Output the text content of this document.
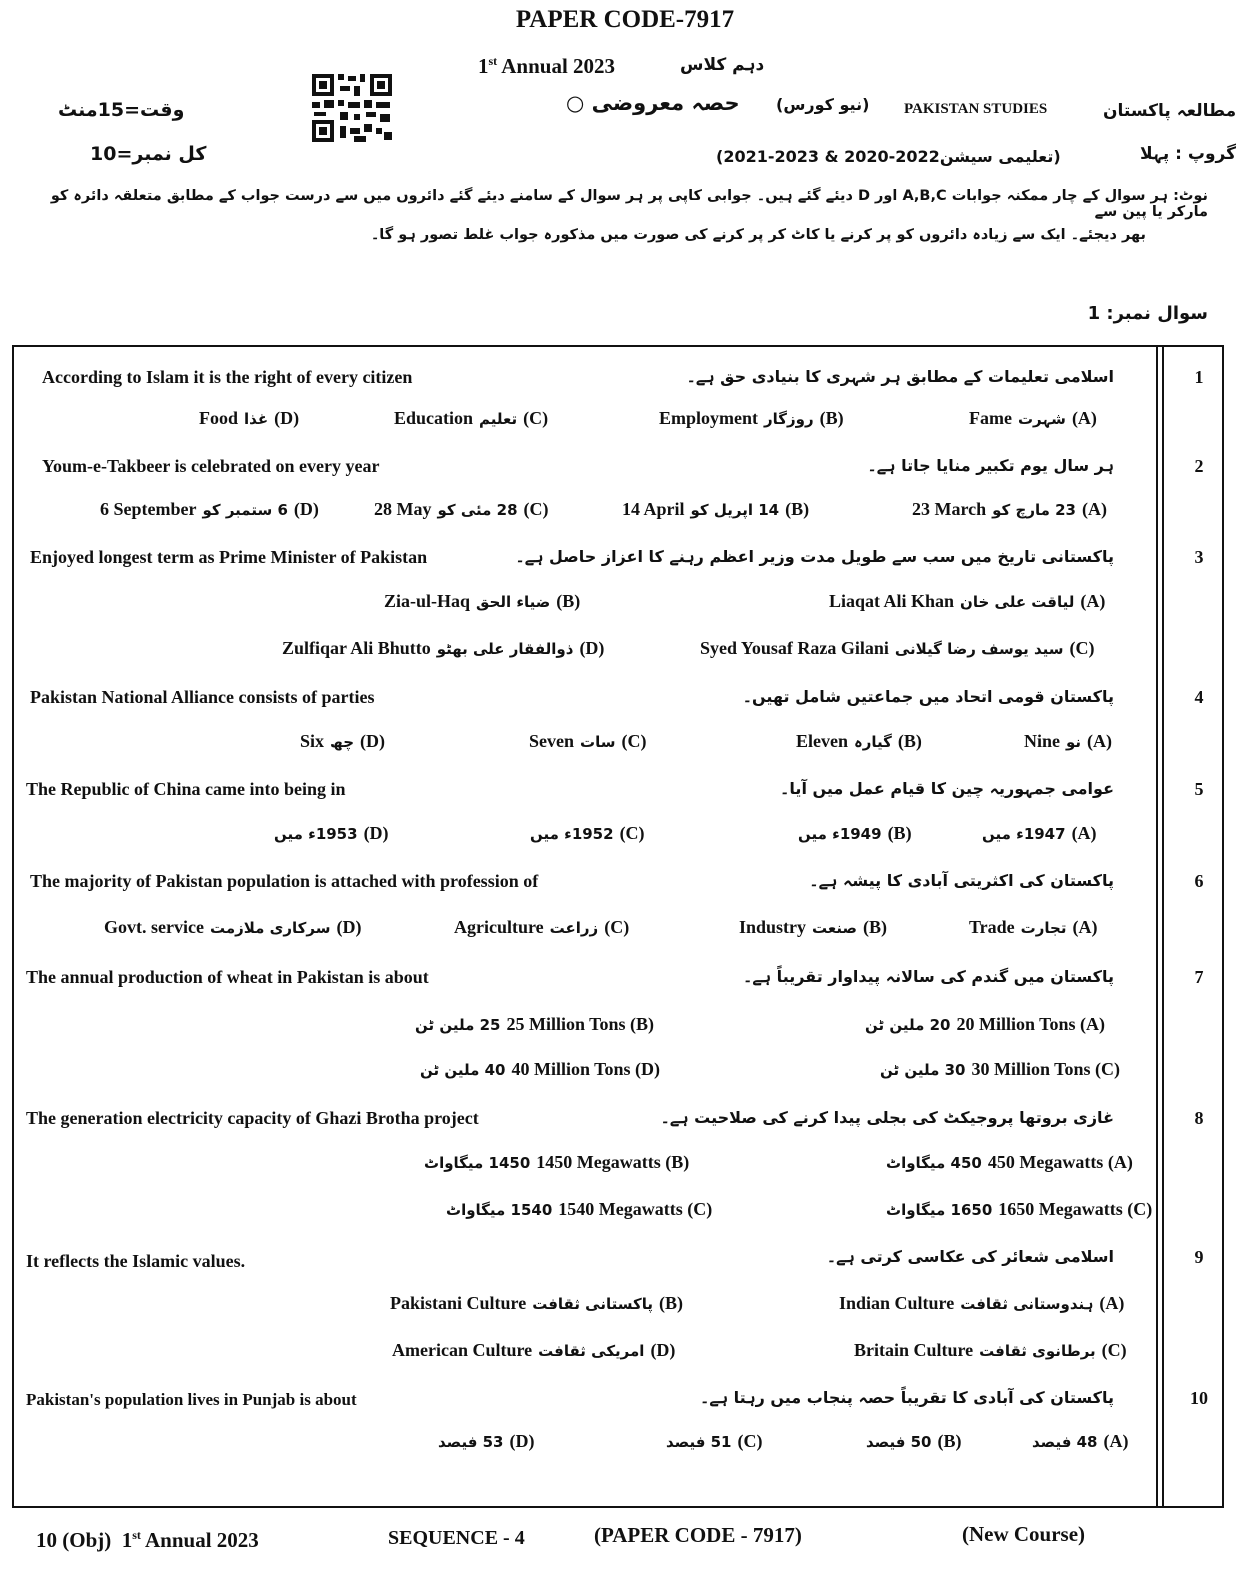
PAPER CODE-7917
1st Annual 2023	دہم کلاس
وقت=15منٹ
کل نمبر=10
حصہ معروضی ○ (نیو کورس) PAKISTAN STUDIES	مطالعہ پاکستان
گروپ : پہلا
(تعلیمی سیشن2022-2020 & 2023-2021)
نوٹ: ہر سوال کے چار ممکنہ جوابات A,B,C اور D دیئے گئے ہیں۔ جوابی کاپی پر ہر سوال کے سامنے دیئے گئے دائروں میں سے درست جواب کے مطابق متعلقہ دائرہ کو مارکر یا پین سے
بھر دیجئے۔ ایک سے زیادہ دائروں کو پر کرنے یا کاٹ کر پر کرنے کی صورت میں مذکورہ جواب غلط تصور ہو گا۔
سوال نمبر: 1
1
According to Islam it is the right of every citizen	اسلامی تعلیمات کے مطابق ہر شہری کا بنیادی حق ہے۔
Fame شہرت (A)
Employment روزگار (B)
Education تعلیم (C)
Food غذا (D)
2
Youm-e-Takbeer is celebrated on every year	ہر سال یوم تکبیر منایا جاتا ہے۔
23 March 23 مارچ کو (A)
14 April 14 اپریل کو (B)
28 May 28 مئی کو (C)
6 September 6 ستمبر کو (D)
3
Enjoyed longest term as Prime Minister of Pakistan	پاکستانی تاریخ میں سب سے طویل مدت وزیر اعظم رہنے کا اعزاز حاصل ہے۔
Liaqat Ali Khan لیاقت علی خان (A)
Zia-ul-Haq ضیاء الحق (B)
Syed Yousaf Raza Gilani سید یوسف رضا گیلانی (C)
Zulfiqar Ali Bhutto ذوالفقار علی بھٹو (D)
4
Pakistan National Alliance consists of parties	پاکستان قومی اتحاد میں جماعتیں شامل تھیں۔
Nine نو (A)
Eleven گیارہ (B)
Seven سات (C)
Six چھ (D)
5
The Republic of China came into being in	عوامی جمہوریہ چین کا قیام عمل میں آیا۔
1947ء میں (A)
1949ء میں (B)
1952ء میں (C)
1953ء میں (D)
6
The majority of Pakistan population is attached with profession of	پاکستان کی اکثریتی آبادی کا پیشہ ہے۔
Trade تجارت (A)
Industry صنعت (B)
Agriculture زراعت (C)
Govt. service سرکاری ملازمت (D)
7
The annual production of wheat in Pakistan is about	پاکستان میں گندم کی سالانہ پیداوار تقریباً ہے۔
20 ملین ٹن 20 Million Tons (A)
25 ملین ٹن 25 Million Tons (B)
30 ملین ٹن 30 Million Tons (C)
40 ملین ٹن 40 Million Tons (D)
8
The generation electricity capacity of Ghazi Brotha project	غازی بروتھا پروجیکٹ کی بجلی پیدا کرنے کی صلاحیت ہے۔
450 میگاواٹ 450 Megawatts (A)
1450 میگاواٹ 1450 Megawatts (B)
1650 میگاواٹ 1650 Megawatts (C)
1540 میگاواٹ 1540 Megawatts (C)
9
It reflects the Islamic values.	اسلامی شعائر کی عکاسی کرتی ہے۔
Indian Culture ہندوستانی ثقافت (A)
Pakistani Culture پاکستانی ثقافت (B)
Britain Culture برطانوی ثقافت (C)
American Culture امریکی ثقافت (D)
10
Pakistan's population lives in Punjab is about	پاکستان کی آبادی کا تقریباً حصہ پنجاب میں رہتا ہے۔
48 فیصد (A)
50 فیصد (B)
51 فیصد (C)
53 فیصد (D)
10 (Obj) 1st Annual 2023	SEQUENCE - 4	(PAPER CODE - 7917)	(New Course)
